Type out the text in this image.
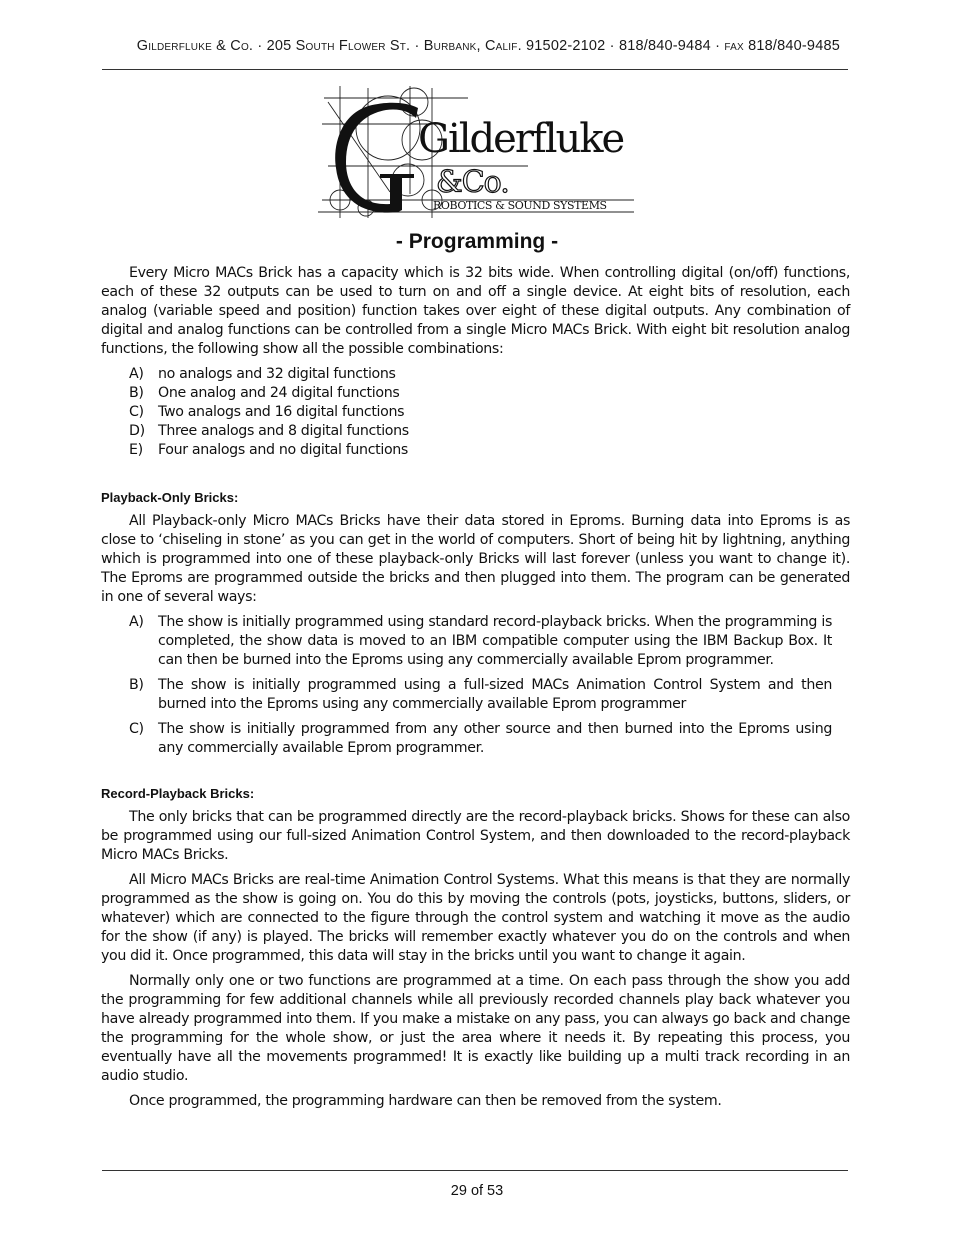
Gilderfluke & Co. · 205 South Flower St. · Burbank, Calif. 91502-2102 · 818/840-9484 · fax 818/840-9485
Gilderfluke
&Co.
ROBOTICS & SOUND SYSTEMS
- Programming -

Every Micro MACs Brick has a capacity which is 32 bits wide. When controlling digital (on/off) functions, each of these 32 outputs can be used to turn on and off a single device. At eight bits of resolution, each analog (variable speed and position) function takes over eight of these digital outputs. Any combination of digital and analog functions can be controlled from a single Micro MACs Brick. With eight bit resolution analog functions, the following show all the possible combinations:

A)	no analogs and 32 digital functions
B)	One analog and 24 digital functions
C)	Two analogs and 16 digital functions
D) Three analogs and 8 digital functions
E)	Four analogs and no digital functions
Playback-Only Bricks:

All Playback-only Micro MACs Bricks have their data stored in Eproms. Burning data into Eproms is as close to ‘chiseling in stone’ as you can get in the world of computers. Short of being hit by lightning, anything which is programmed into one of these playback-only Bricks will last forever (unless you want to change it). The Eproms are programmed outside the bricks and then plugged into them. The program can be generated in one of several ways:

A)	The show is initially programmed using standard record-playback bricks. When the programming is completed, the show data is moved to an IBM compatible computer using the IBM Backup Box. It can then be burned into the Eproms using any commercially available Eprom programmer.
B)	The show is initially programmed using a full-sized MACs Animation Control System and then burned into the Eproms using any commercially available Eprom programmer
C)	The show is initially programmed from any other source and then burned into the Eproms using any commercially available Eprom programmer.
Record-Playback Bricks:

The only bricks that can be programmed directly are the record-playback bricks. Shows for these can also be programmed using our full-sized Animation Control System, and then downloaded to the record-playback Micro MACs Bricks.

All Micro MACs Bricks are real-time Animation Control Systems. What this means is that they are normally programmed as the show is going on. You do this by moving the controls (pots, joysticks, buttons, sliders, or whatever) which are connected to the figure through the control system and watching it move as the audio for the show (if any) is played. The bricks will remember exactly whatever you do on the controls and when you did it. Once programmed, this data will stay in the bricks until you want to change it again.

Normally only one or two functions are programmed at a time. On each pass through the show you add the programming for few additional channels while all previously recorded channels play back whatever you have already programmed into them. If you make a mistake on any pass, you can always go back and change the programming for the whole show, or just the area where it needs it. By repeating this process, you eventually have all the movements programmed! It is exactly like building up a multi track recording in an audio studio.

Once programmed, the programming hardware can then be removed from the system.

29 of 53
